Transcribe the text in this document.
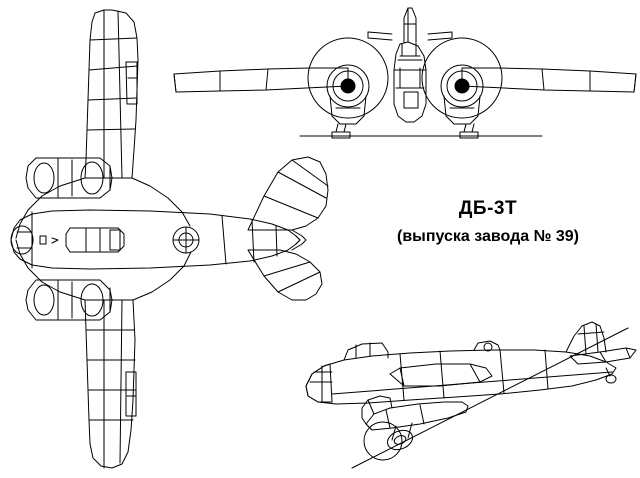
ДБ-3Т
(выпуска завода № 39)
